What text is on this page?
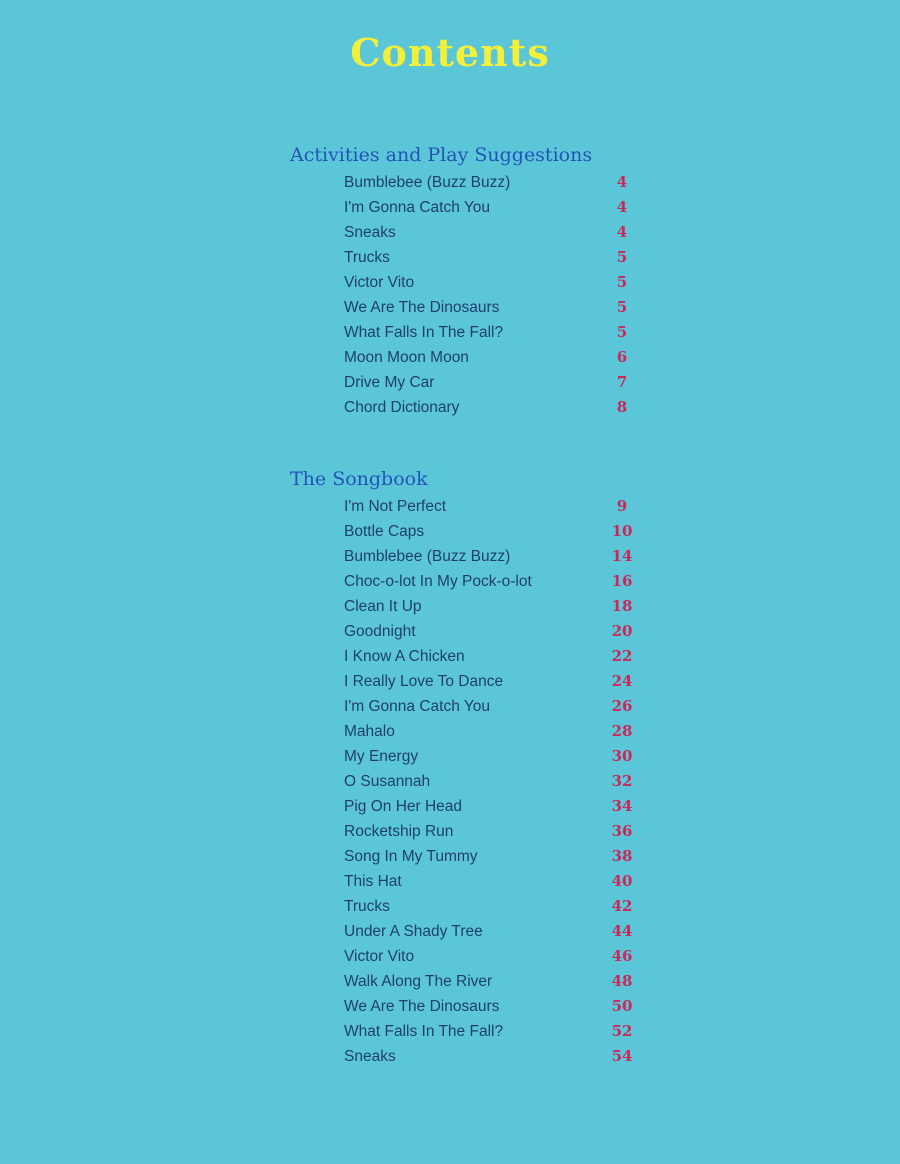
Contents
Activities and Play Suggestions
Bumblebee (Buzz Buzz)	4
I'm Gonna Catch You	4
Sneaks	4
Trucks	5
Victor Vito	5
We Are The Dinosaurs	5
What Falls In The Fall?	5
Moon Moon Moon	6
Drive My Car	7
Chord Dictionary	8
The Songbook
I'm Not Perfect	9
Bottle Caps	10
Bumblebee (Buzz Buzz)	14
Choc-o-lot In My Pock-o-lot	16
Clean It Up	18
Goodnight	20
I Know A Chicken	22
I Really Love To Dance	24
I'm Gonna Catch You	26
Mahalo	28
My Energy	30
O Susannah	32
Pig On Her Head	34
Rocketship Run	36
Song In My Tummy	38
This Hat	40
Trucks	42
Under A Shady Tree	44
Victor Vito	46
Walk Along The River	48
We Are The Dinosaurs	50
What Falls In The Fall?	52
Sneaks	54
